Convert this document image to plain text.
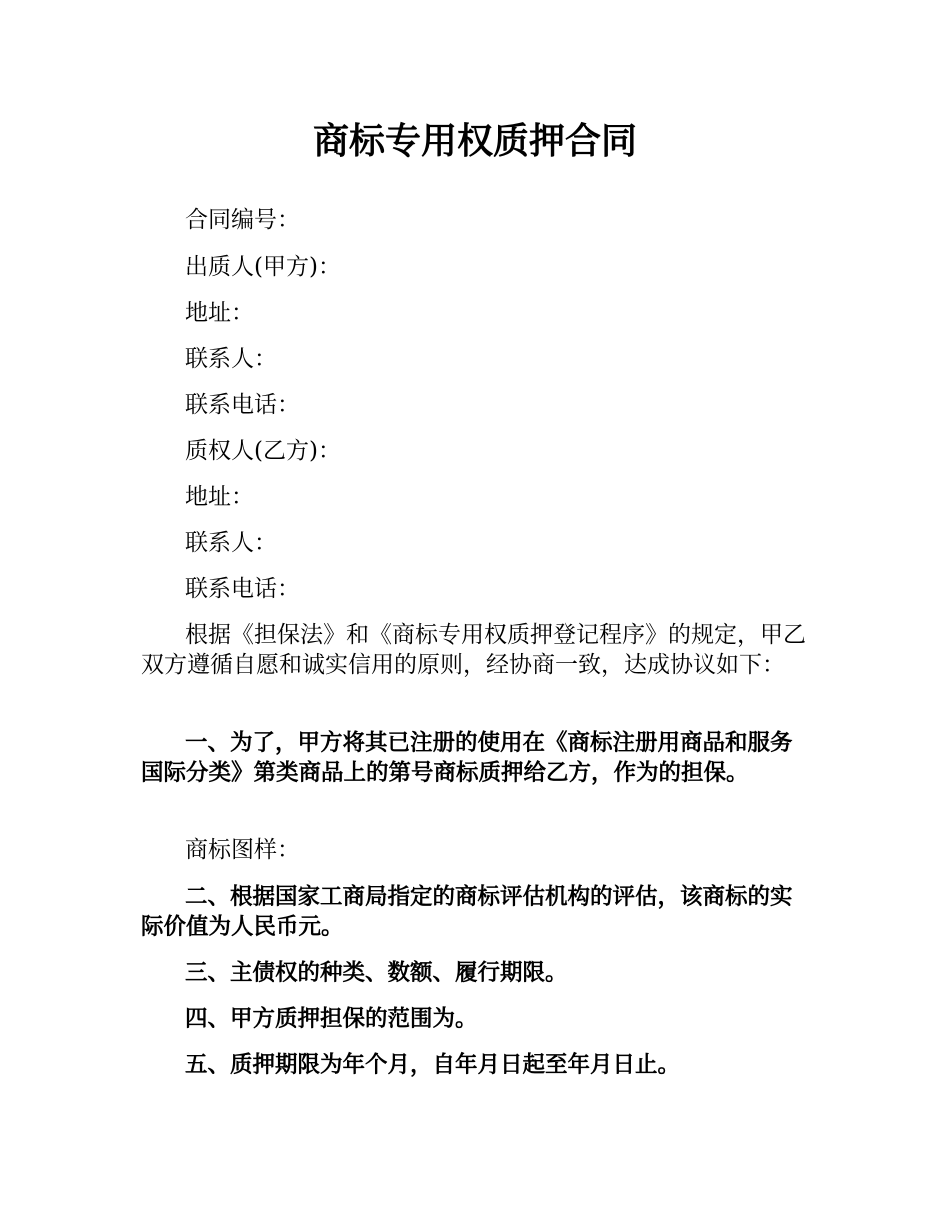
商标专用权质押合同

合同编号：

出质人(甲方)：

地址：

联系人：

联系电话：

质权人(乙方)：

地址：

联系人：

联系电话：

根据《担保法》和《商标专用权质押登记程序》的规定，甲乙双方遵循自愿和诚实信用的原则，经协商一致，达成协议如下：

一、为了，甲方将其已注册的使用在《商标注册用商品和服务国际分类》第类商品上的第号商标质押给乙方，作为的担保。

商标图样：

二、根据国家工商局指定的商标评估机构的评估，该商标的实际价值为人民币元。

三、主债权的种类、数额、履行期限。

四、甲方质押担保的范围为。

五、质押期限为年个月，自年月日起至年月日止。
